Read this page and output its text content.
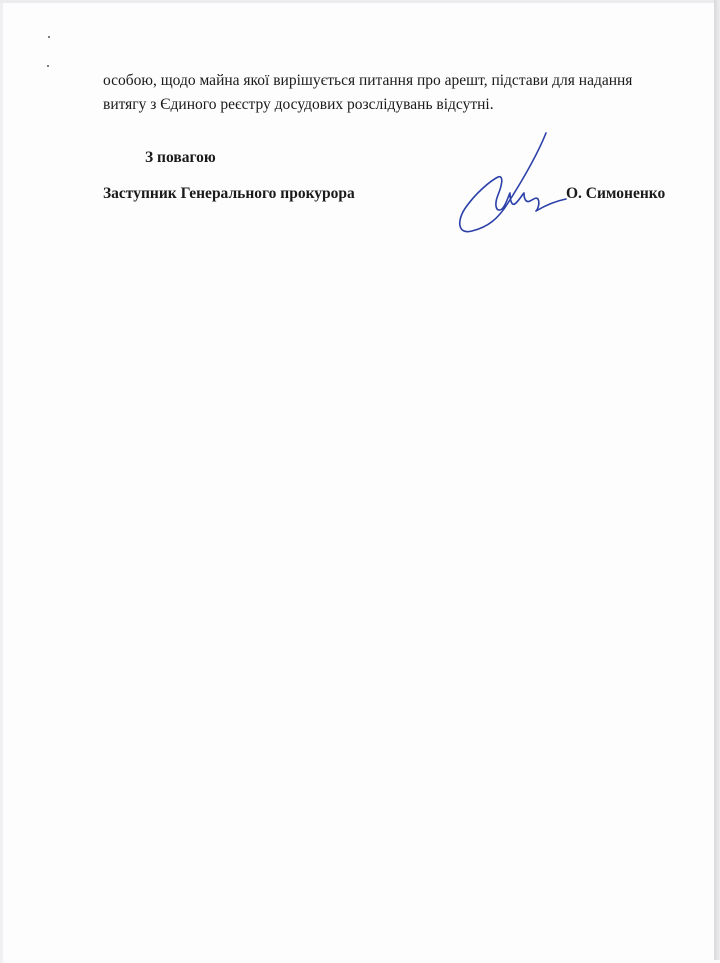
особою, щодо майна якої вирішується питання про арешт, підстави для надання
витягу з Єдиного реєстру досудових розслідувань відсутні.
З повагою
Заступник Генерального прокурора	О. Симоненко
